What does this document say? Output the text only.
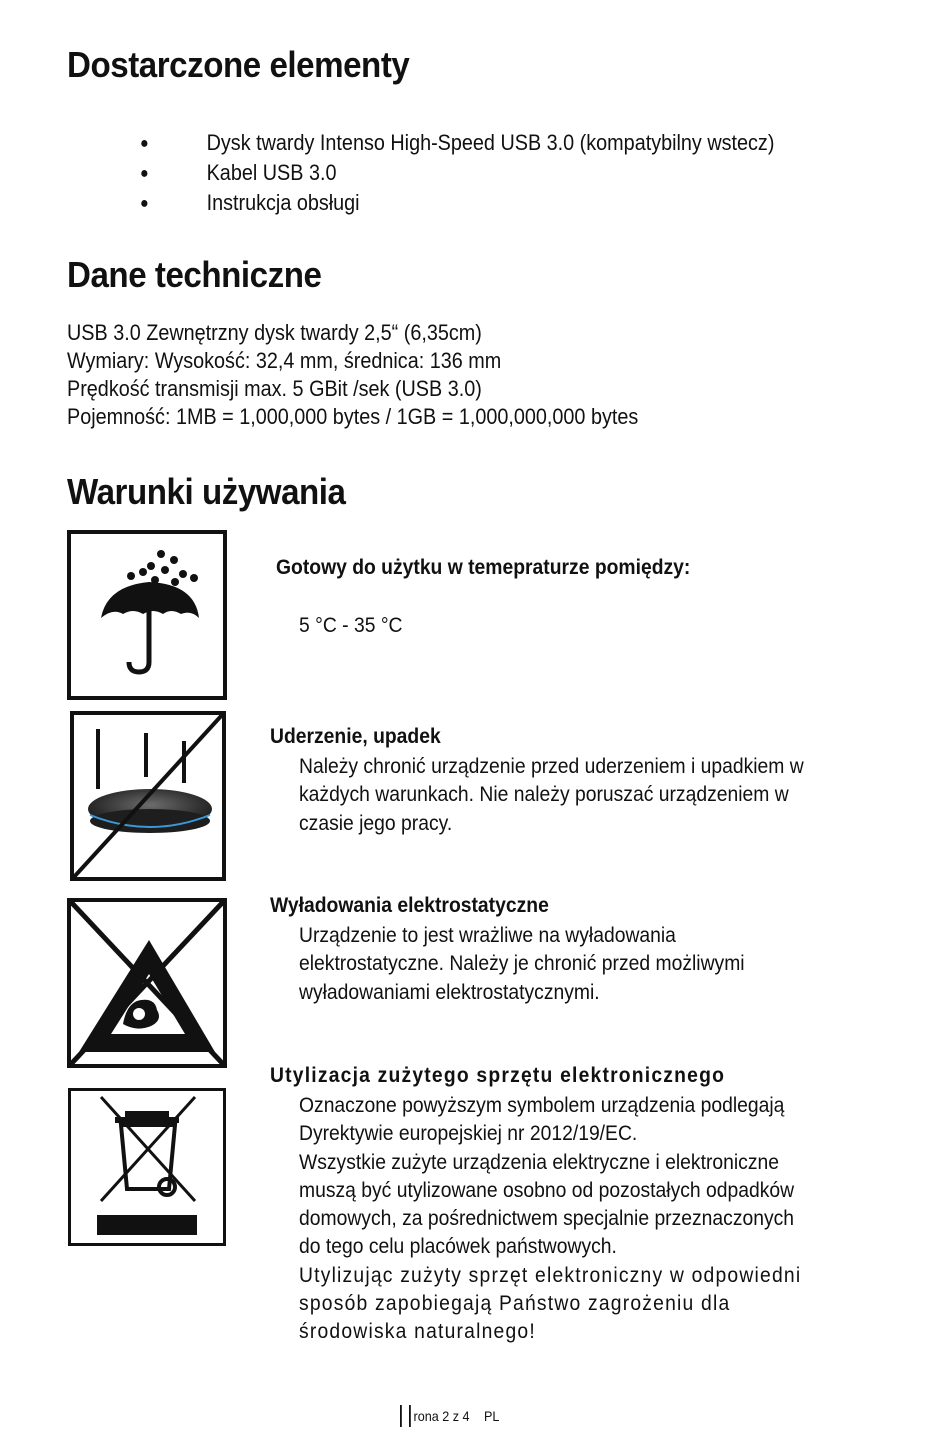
Dostarczone elementy
●	Dysk twardy Intenso High-Speed USB 3.0 (kompatybilny wstecz)
●	Kabel USB 3.0
●	Instrukcja obsługi
Dane techniczne
USB 3.0 Zewnętrzny dysk twardy 2,5“ (6,35cm)
Wymiary: Wysokość: 32,4 mm, średnica: 136 mm
Prędkość transmisji max. 5 GBit /sek (USB 3.0)
Pojemność: 1MB = 1,000,000 bytes / 1GB = 1,000,000,000 bytes
Warunki używania
Gotowy do użytku w temepraturze pomiędzy:
5 °C - 35 °C
Uderzenie, upadek
Należy chronić urządzenie przed uderzeniem i upadkiem w
każdych warunkach. Nie należy poruszać urządzeniem w
czasie jego pracy.
Wyładowania elektrostatyczne
Urządzenie to jest wrażliwe na wyładowania
elektrostatyczne. Należy je chronić przed możliwymi
wyładowaniami elektrostatycznymi.
Utylizacja zużytego sprzętu elektronicznego
Oznaczone powyższym symbolem urządzenia podlegają
Dyrektywie europejskiej nr 2012/19/EC.
Wszystkie zużyte urządzenia elektryczne i elektroniczne
muszą być utylizowane osobno od pozostałych odpadków
domowych, za pośrednictwem specjalnie przeznaczonych
do tego celu placówek państwowych.
Utylizując zużyty sprzęt elektroniczny w odpowiedni
sposób zapobiegają Państwo zagrożeniu dla
środowiska naturalnego!
rona 2 z 4 PL
